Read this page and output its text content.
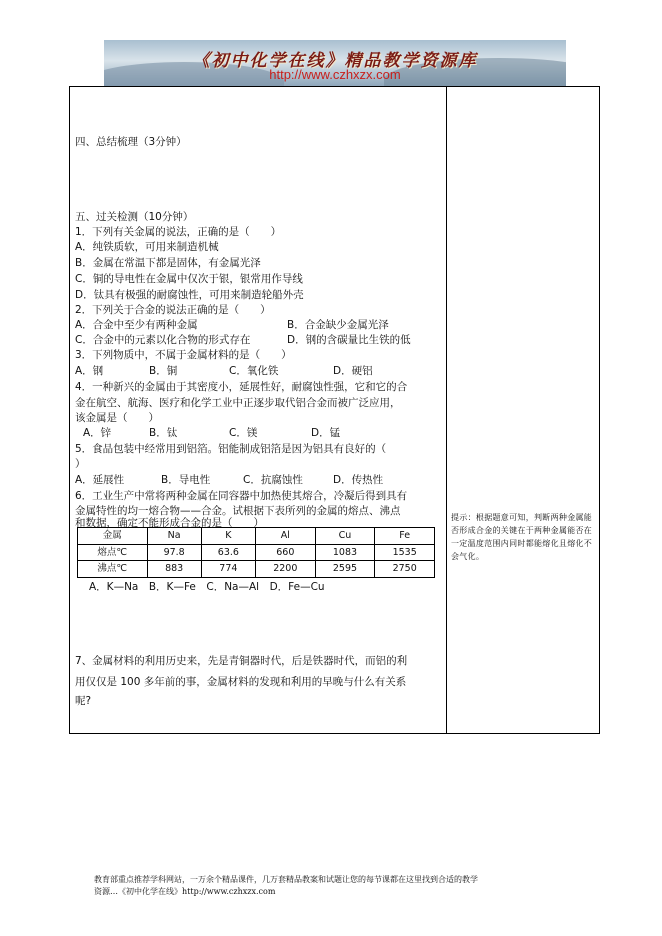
《初中化学在线》精品教学资源库
http://www.czhxzx.com
四、总结梳理（3分钟）
五、过关检测（10分钟）
1．下列有关金属的说法，正确的是（　　）
A．纯铁质软，可用来制造机械
B．金属在常温下都是固体，有金属光泽
C．铜的导电性在金属中仅次于银，银常用作导线
D．钛具有极强的耐腐蚀性，可用来制造轮船外壳
2．下列关于合金的说法正确的是（　　）
A．合金中至少有两种金属	B．合金缺少金属光泽
C．合金中的元素以化合物的形式存在	D．钢的含碳量比生铁的低
3．下列物质中，不属于金属材料的是（　　）
A．钢	B．铜	C．氧化铁	D．硬铝
4．一种新兴的金属由于其密度小，延展性好，耐腐蚀性强，它和它的合
金在航空、航海、医疗和化学工业中正逐步取代铝合金而被广泛应用，
该金属是（　　）
A．锌	B．钛	C．镁	D．锰
5．食品包装中经常用到铝箔。铝能制成铝箔是因为铝具有良好的（
）
A．延展性	B．导电性	C．抗腐蚀性	D．传热性
6．工业生产中常将两种金属在同容器中加热使其熔合，冷凝后得到具有
金属特性的均一熔合物——合金。试根据下表所列的金属的熔点、沸点
和数据，确定不能形成合金的是（　　）
金属	Na	K	Al	Cu	Fe
熔点℃	97.8	63.6	660	1083	1535
沸点℃	883	774	2200	2595	2750
A．K—Na　B．K—Fe　C．Na—Al　D．Fe—Cu
7、金属材料的利用历史来，先是青铜器时代，后是铁器时代，而铝的利
用仅仅是 100 多年前的事，金属材料的发现和利用的早晚与什么有关系
呢?
提示：根据题意可知，判断两种金属能否形成合金的关键在于两种金属能否在一定温度范围内同时都能熔化且熔化不会气化。
教育部重点推荐学科网站，一万余个精品课件，几万套精品教案和试题让您的每节课都在这里找到合适的教学
资源…《初中化学在线》http://www.czhxzx.com
